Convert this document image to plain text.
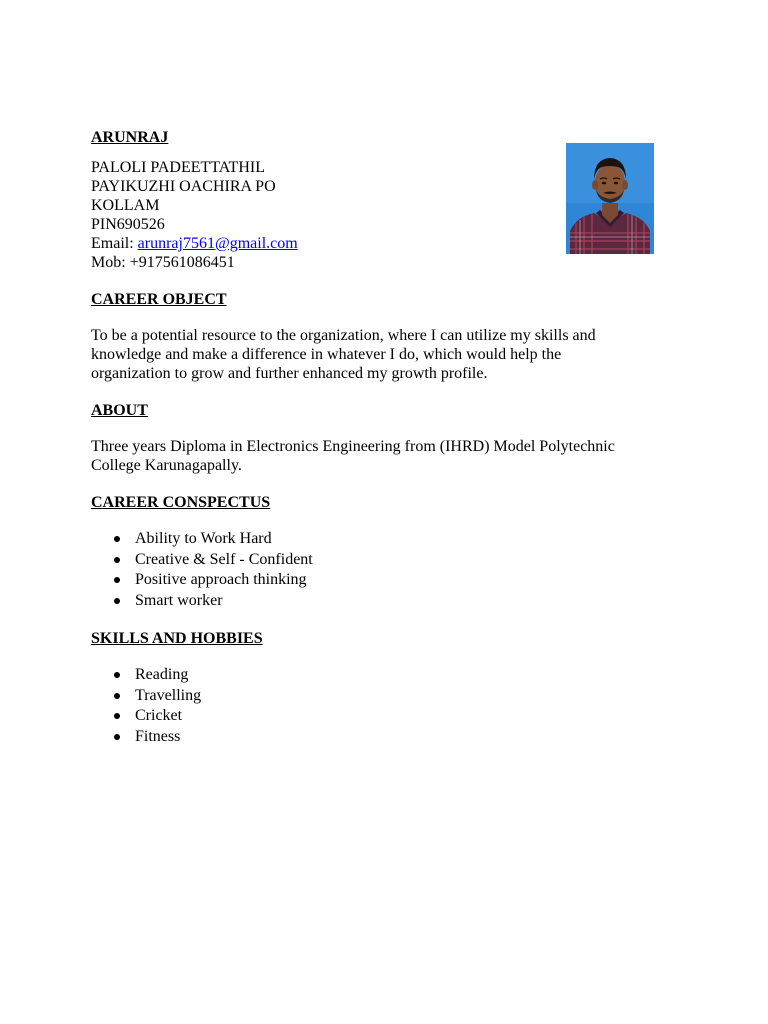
ARUNRAJ

PALOLI PADEETTATHIL

PAYIKUZHI OACHIRA PO

KOLLAM

PIN690526

Email: arunraj7561@gmail.com

Mob: +917561086451

CAREER OBJECT

To be a potential resource to the organization, where I can utilize my skills and

knowledge and make a difference in whatever I do, which would help the

organization to grow and further enhanced my growth profile.

ABOUT

Three years Diploma in Electronics Engineering from (IHRD) Model Polytechnic

College Karunagapally.

CAREER CONSPECTUS
Ability to Work Hard
Creative & Self - Confident
Positive approach thinking
Smart worker
SKILLS AND HOBBIES
Reading
Travelling
Cricket
Fitness
